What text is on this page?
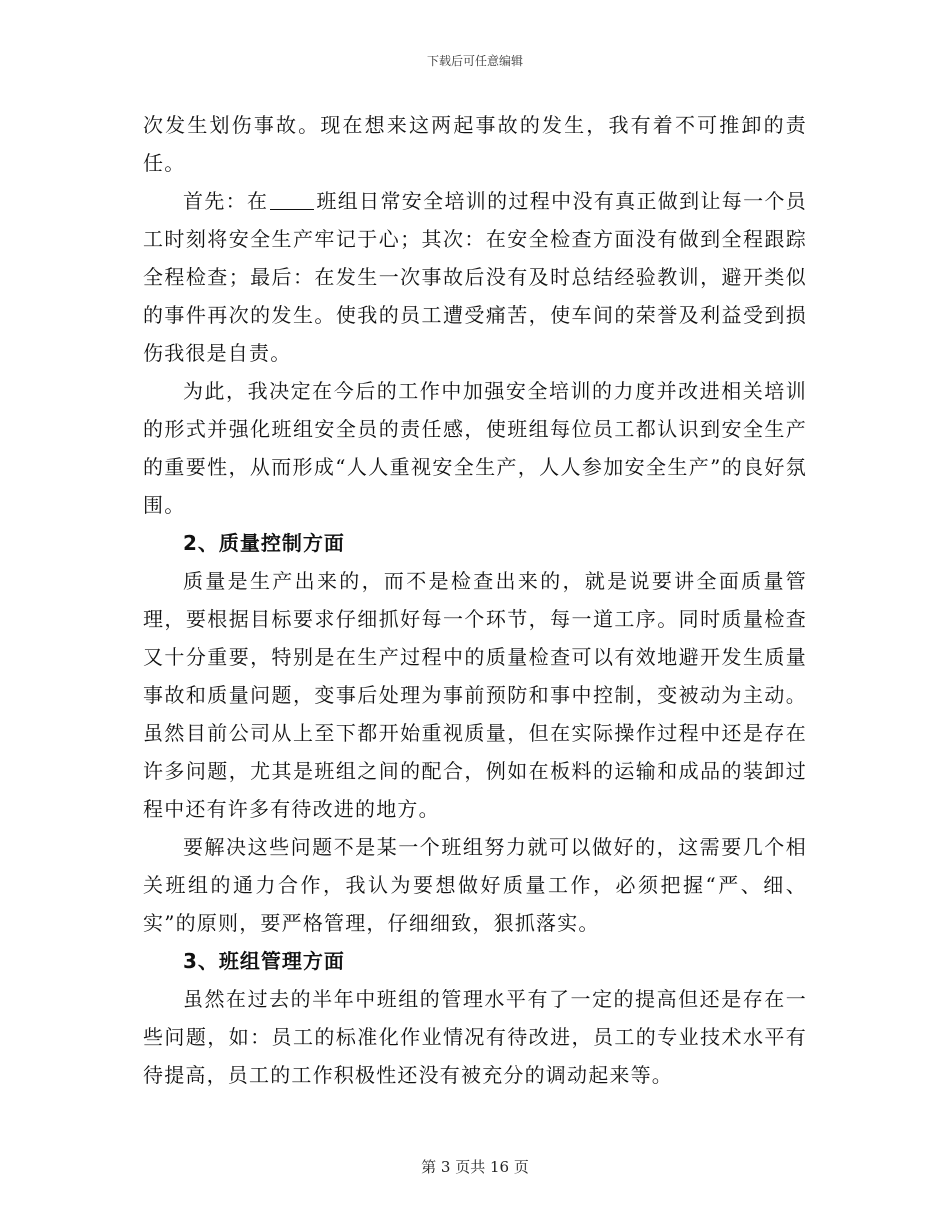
下载后可任意编辑

次发生划伤事故。现在想来这两起事故的发生，我有着不可推卸的责任。

首先：在 班组日常安全培训的过程中没有真正做到让每一个员工时刻将安全生产牢记于心；其次：在安全检查方面没有做到全程跟踪全程检查；最后：在发生一次事故后没有及时总结经验教训，避开类似的事件再次的发生。使我的员工遭受痛苦，使车间的荣誉及利益受到损伤我很是自责。

为此，我决定在今后的工作中加强安全培训的力度并改进相关培训的形式并强化班组安全员的责任感，使班组每位员工都认识到安全生产的重要性，从而形成“人人重视安全生产，人人参加安全生产”的良好氛围。

2、质量控制方面

质量是生产出来的，而不是检查出来的，就是说要讲全面质量管理，要根据目标要求仔细抓好每一个环节，每一道工序。同时质量检查又十分重要，特别是在生产过程中的质量检查可以有效地避开发生质量事故和质量问题，变事后处理为事前预防和事中控制，变被动为主动。虽然目前公司从上至下都开始重视质量，但在实际操作过程中还是存在许多问题，尤其是班组之间的配合，例如在板料的运输和成品的装卸过程中还有许多有待改进的地方。

要解决这些问题不是某一个班组努力就可以做好的，这需要几个相关班组的通力合作，我认为要想做好质量工作，必须把握“严、细、实”的原则，要严格管理，仔细细致，狠抓落实。

3、班组管理方面

虽然在过去的半年中班组的管理水平有了一定的提高但还是存在一些问题，如：员工的标准化作业情况有待改进，员工的专业技术水平有待提高，员工的工作积极性还没有被充分的调动起来等。

第 3 页共 16 页
